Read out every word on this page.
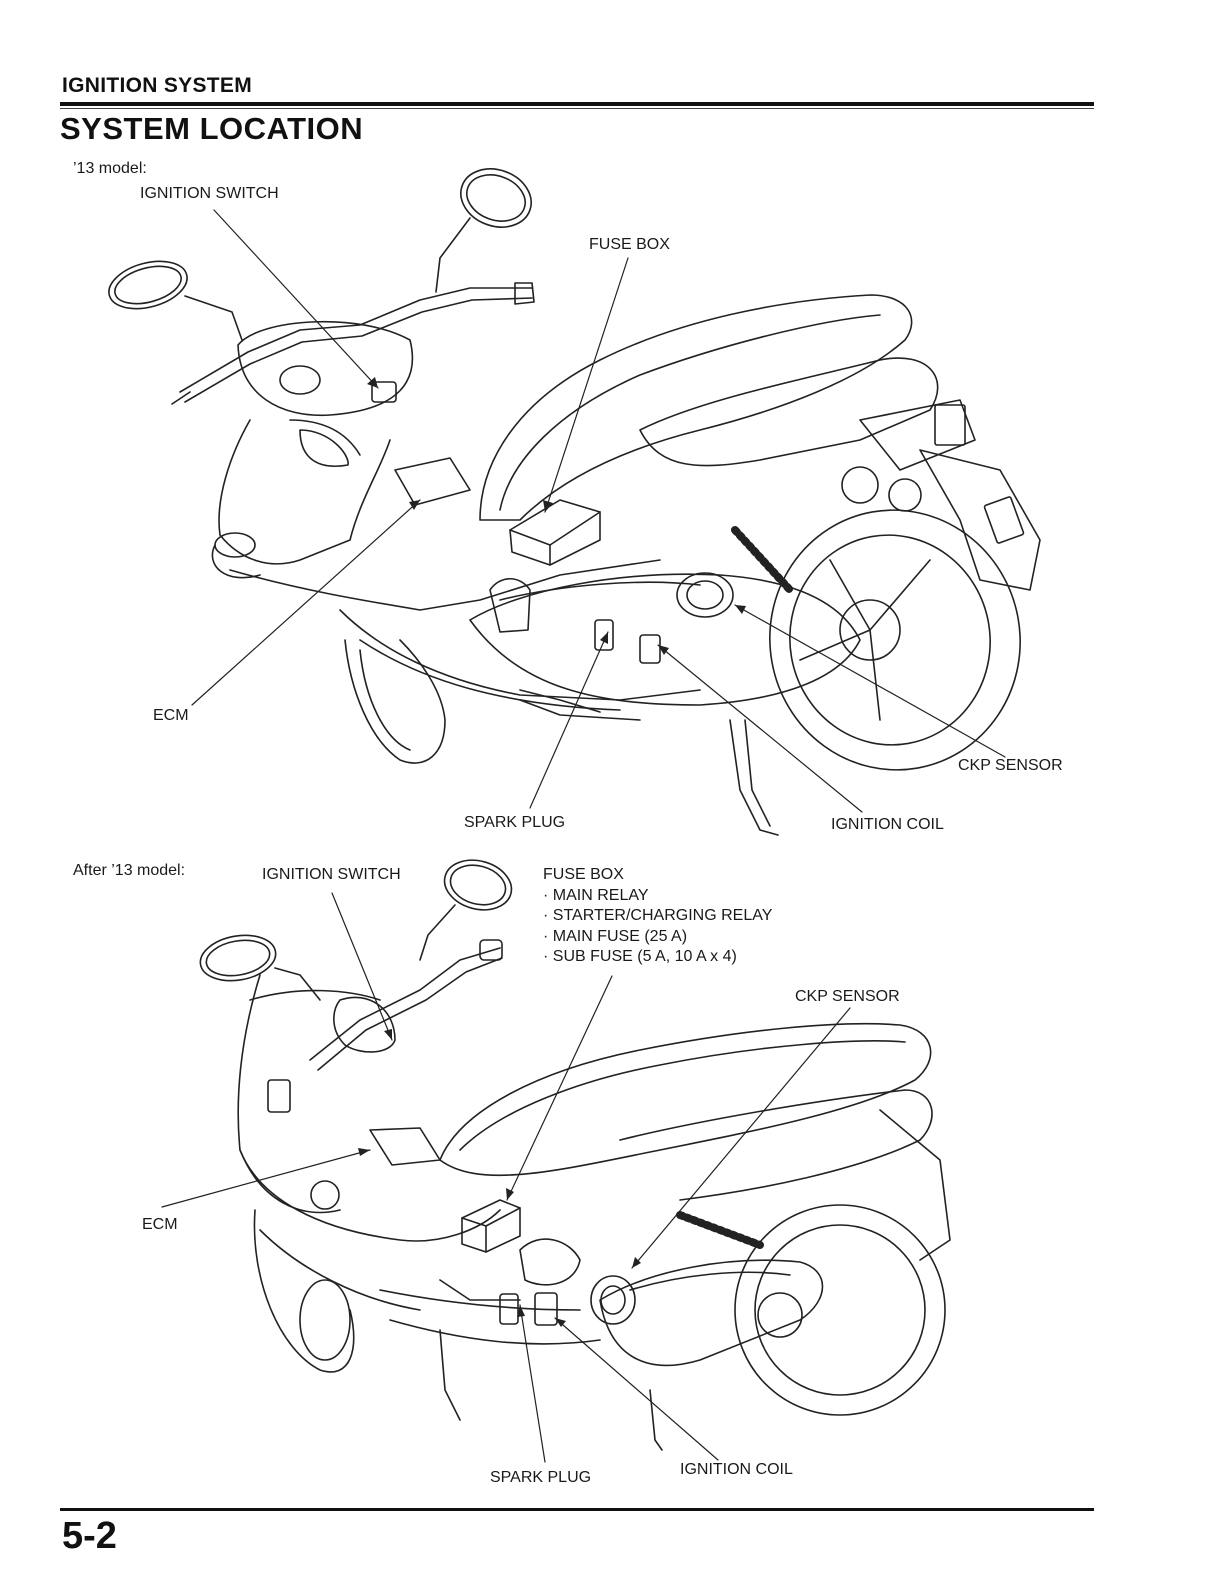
IGNITION SYSTEM
SYSTEM LOCATION
’13 model:
IGNITION SWITCH
FUSE BOX
ECM
CKP SENSOR
SPARK PLUG	IGNITION COIL
After ’13 model:	IGNITION SWITCH	FUSE BOX
· MAIN RELAY
· STARTER/CHARGING RELAY
· MAIN FUSE (25 A)
· SUB FUSE (5 A, 10 A x 4)
CKP SENSOR
ECM
SPARK PLUG	IGNITION COIL
5-2
